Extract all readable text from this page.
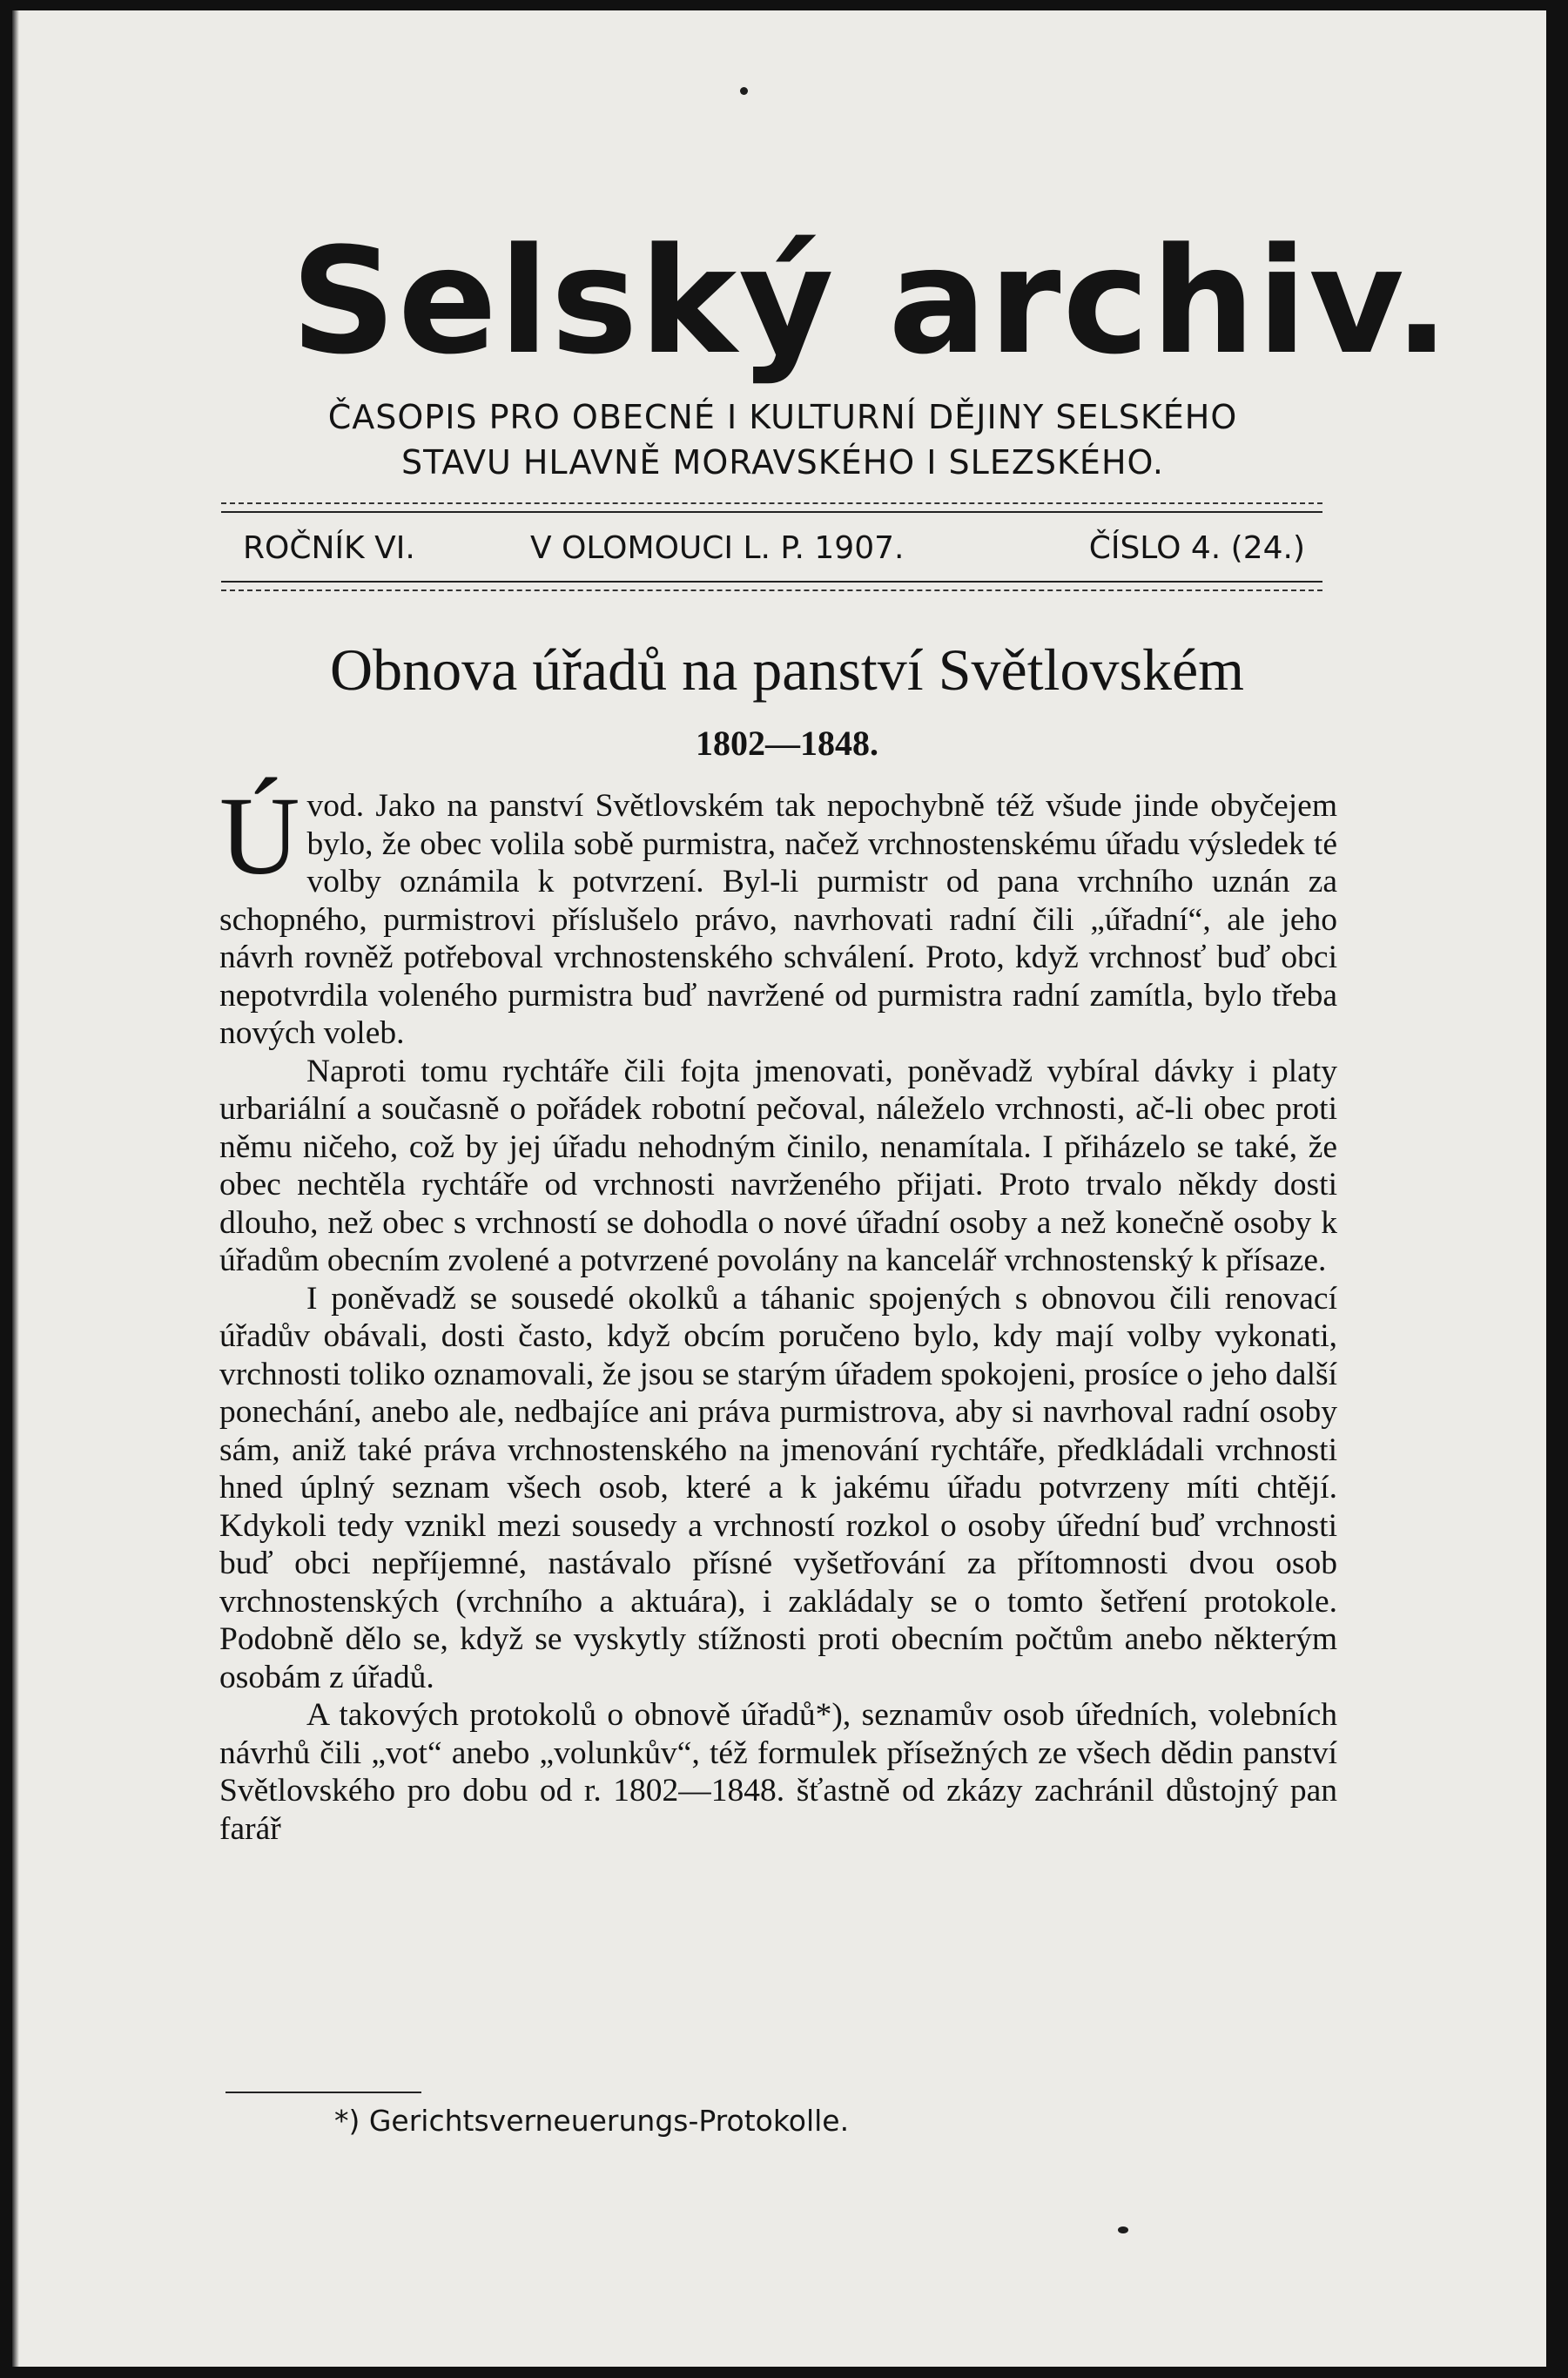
Selský archiv.
ČASOPIS PRO OBECNÉ I KULTURNÍ DĚJINY SELSKÉHO
STAVU HLAVNĚ MORAVSKÉHO I SLEZSKÉHO.
ROČNÍK VI.	V OLOMOUCI L. P. 1907.	ČÍSLO 4. (24.)
Obnova úřadů na panství Světlovském
1802—1848.

Úvod. Jako na panství Světlovském tak nepochybně též všude jinde obyčejem bylo, že obec volila sobě purmistra, načež vrchnostenskému úřadu výsledek té volby oznámila k potvrzení. Byl-li purmistr od pana vrchního uznán za schopného, purmistrovi příslušelo právo, navrhovati radní čili „úřadní“, ale jeho návrh rovněž potřeboval vrchnostenského schválení. Proto, když vrchnosť buď obci nepotvrdila voleného purmistra buď navržené od purmistra radní zamítla, bylo třeba nových voleb.

Naproti tomu rychtáře čili fojta jmenovati, poněvadž vybíral dávky i platy urbariální a současně o pořádek robotní pečoval, náleželo vrchnosti, ač-li obec proti němu ničeho, což by jej úřadu nehodným činilo, nenamítala. I přiházelo se také, že obec nechtěla rychtáře od vrchnosti navrženého přijati. Proto trvalo někdy dosti dlouho, než obec s vrchností se dohodla o nové úřadní osoby a než konečně osoby k úřadům obecním zvolené a potvrzené povolány na kancelář vrchnostenský k přísaze.

I poněvadž se sousedé okolků a táhanic spojených s obnovou čili renovací úřadův obávali, dosti často, když obcím poručeno bylo, kdy mají volby vykonati, vrchnosti toliko oznamovali, že jsou se starým úřadem spokojeni, prosíce o jeho další ponechání, anebo ale, nedbajíce ani práva purmistrova, aby si navrhoval radní osoby sám, aniž také práva vrchnostenského na jmenování rychtáře, předkládali vrchnosti hned úplný seznam všech osob, které a k jakému úřadu potvrzeny míti chtějí. Kdykoli tedy vznikl mezi sousedy a vrchností rozkol o osoby úřední buď vrchnosti buď obci nepříjemné, nastávalo přísné vyšetřování za přítomnosti dvou osob vrchnostenských (vrchního a aktuára), i zakládaly se o tomto šetření protokole. Podobně dělo se, když se vyskytly stížnosti proti obecním počtům anebo některým osobám z úřadů.

A takových protokolů o obnově úřadů*), seznamův osob úředních, volebních návrhů čili „vot“ anebo „volunkův“, též formulek přísežných ze všech dědin panství Světlovského pro dobu od r. 1802—1848. šťastně od zkázy zachránil důstojný pan farář

*) Gerichtsverneuerungs-Protokolle.
